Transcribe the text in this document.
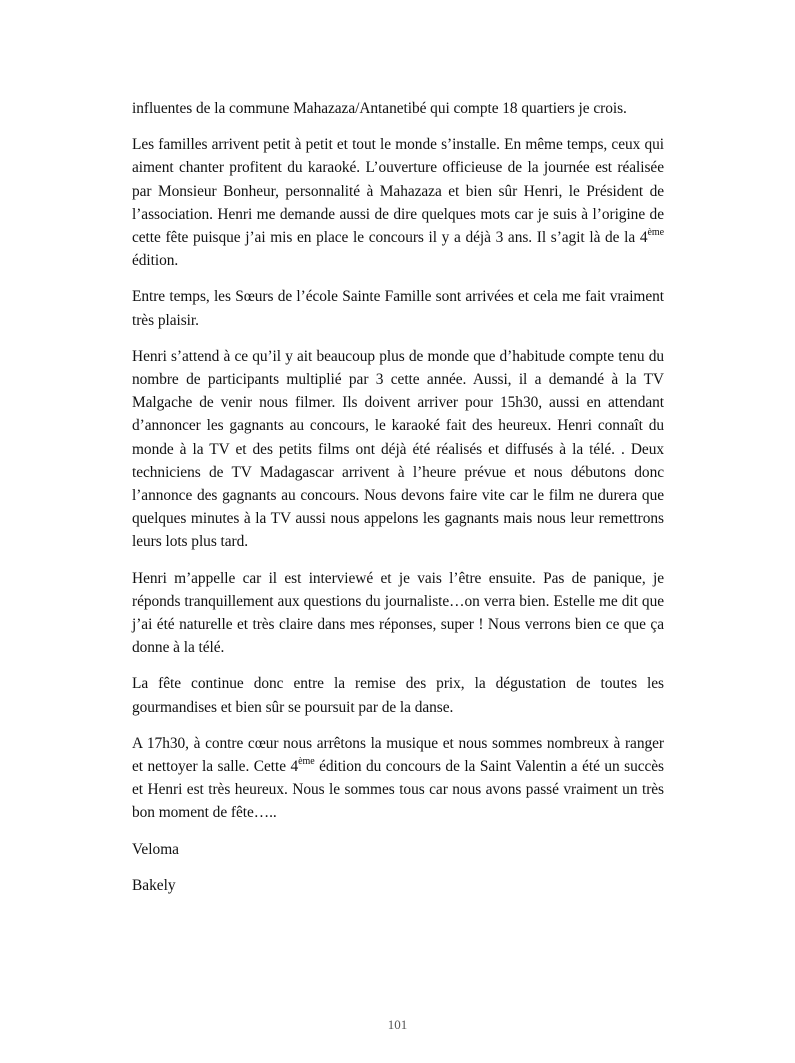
influentes de la commune Mahazaza/Antanetibé qui compte 18 quartiers je crois.

Les familles arrivent petit à petit et tout le monde s’installe. En même temps, ceux qui aiment chanter profitent du karaoké. L’ouverture officieuse de la journée est réalisée par Monsieur Bonheur, personnalité à Mahazaza et bien sûr Henri, le Président de l’association. Henri me demande aussi de dire quelques mots car je suis à l’origine de cette fête puisque j’ai mis en place le concours il y a déjà 3 ans. Il s’agit là de la 4ème édition.

Entre temps, les Sœurs de l’école Sainte Famille sont arrivées et cela me fait vraiment très plaisir.

Henri s’attend à ce qu’il y ait beaucoup plus de monde que d’habitude compte tenu du nombre de participants multiplié par 3 cette année. Aussi, il a demandé à la TV Malgache de venir nous filmer. Ils doivent arriver pour 15h30, aussi en attendant d’annoncer les gagnants au concours, le karaoké fait des heureux. Henri connaît du monde à la TV et des petits films ont déjà été réalisés et diffusés à la télé. . Deux techniciens de TV Madagascar arrivent à l’heure prévue et nous débutons donc l’annonce des gagnants au concours. Nous devons faire vite car le film ne durera que quelques minutes à la TV aussi nous appelons les gagnants mais nous leur remettrons leurs lots plus tard.

Henri m’appelle car il est interviewé et je vais l’être ensuite. Pas de panique, je réponds tranquillement aux questions du journaliste…on verra bien. Estelle me dit que j’ai été naturelle et très claire dans mes réponses, super ! Nous verrons bien ce que ça donne à la télé.

La fête continue donc entre la remise des prix, la dégustation de toutes les gourmandises et bien sûr se poursuit par de la danse.

A 17h30, à contre cœur nous arrêtons la musique et nous sommes nombreux à ranger et nettoyer la salle. Cette 4ème édition du concours de la Saint Valentin a été un succès et Henri est très heureux. Nous le sommes tous car nous avons passé vraiment un très bon moment de fête…..

Veloma

Bakely

101
